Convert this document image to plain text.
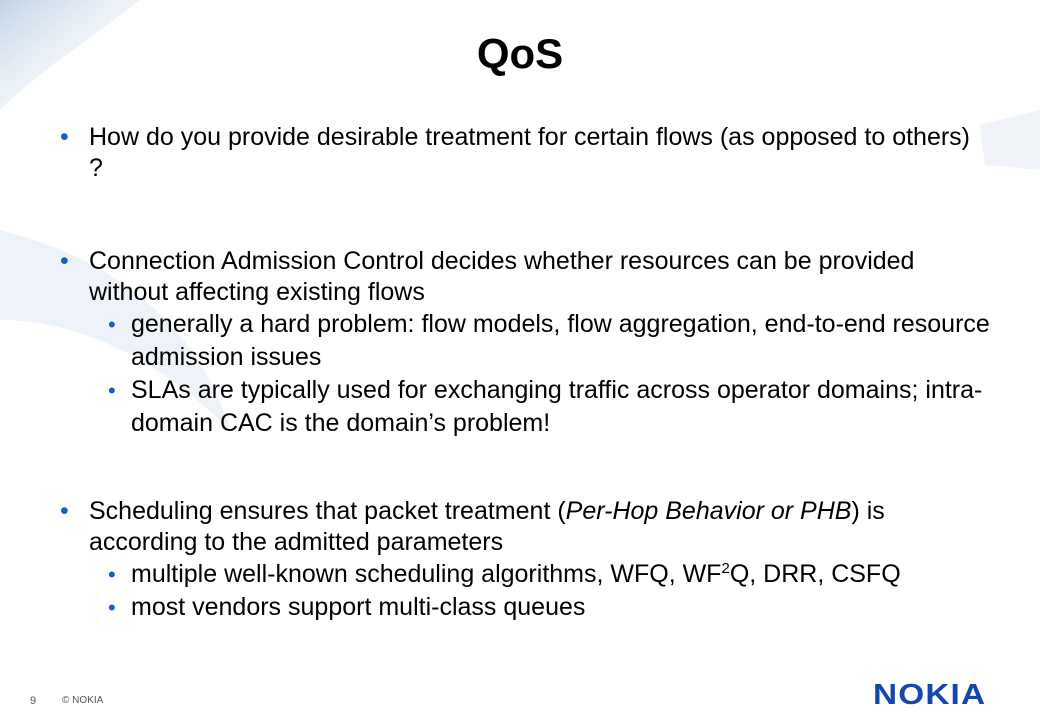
QoS
• How do you provide desirable treatment for certain flows (as opposed to others) ?
• Connection Admission Control decides whether resources can be provided without affecting existing flows
• generally a hard problem: flow models, flow aggregation, end-to-end resource admission issues
• SLAs are typically used for exchanging traffic across operator domains; intra-domain CAC is the domain’s problem!
• Scheduling ensures that packet treatment (Per-Hop Behavior or PHB) is according to the admitted parameters
• multiple well-known scheduling algorithms, WFQ, $WF^2Q$, DRR, CSFQ
• most vendors support multi-class queues
9	© NOKIA	NOKIA
